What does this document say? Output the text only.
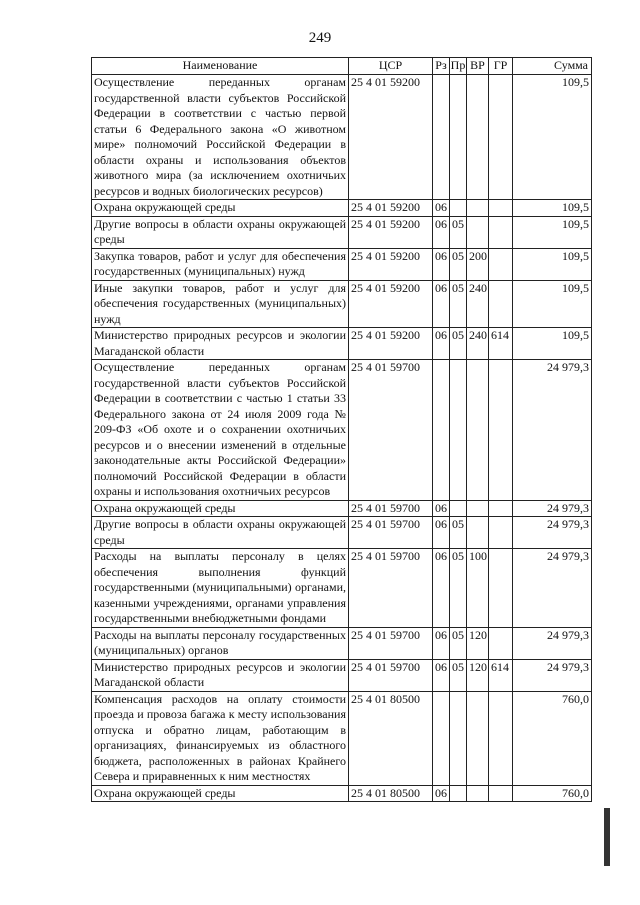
249
Наименование	ЦСР	Рз	Пр	ВР	ГР	Сумма
Осуществление переданных органам государственной власти субъектов Российской Федерации в соответствии с частью первой статьи 6 Федерального закона «О животном мире» полномочий Российской Федерации в области охраны и использования объектов животного мира (за исключением охотничьих ресурсов и водных биологических ресурсов)	25 4 01 59200					109,5
Охрана окружающей среды	25 4 01 59200	06				109,5
Другие вопросы в области охраны окружающей среды	25 4 01 59200	06	05			109,5
Закупка товаров, работ и услуг для обеспечения государственных (муниципальных) нужд	25 4 01 59200	06	05	200		109,5
Иные закупки товаров, работ и услуг для обеспечения государственных (муниципальных) нужд	25 4 01 59200	06	05	240		109,5
Министерство природных ресурсов и экологии Магаданской области	25 4 01 59200	06	05	240	614	109,5
Осуществление переданных органам государственной власти субъектов Российской Федерации в соответствии с частью 1 статьи 33 Федерального закона от 24 июля 2009 года № 209-ФЗ «Об охоте и о сохранении охотничьих ресурсов и о внесении изменений в отдельные законодательные акты Российской Федерации» полномочий Российской Федерации в области охраны и использования охотничьих ресурсов	25 4 01 59700					24 979,3
Охрана окружающей среды	25 4 01 59700	06				24 979,3
Другие вопросы в области охраны окружающей среды	25 4 01 59700	06	05			24 979,3
Расходы на выплаты персоналу в целях обеспечения выполнения функций государственными (муниципальными) органами, казенными учреждениями, органами управления государственными внебюджетными фондами	25 4 01 59700	06	05	100		24 979,3
Расходы на выплаты персоналу государственных (муниципальных) органов	25 4 01 59700	06	05	120		24 979,3
Министерство природных ресурсов и экологии Магаданской области	25 4 01 59700	06	05	120	614	24 979,3
Компенсация расходов на оплату стоимости проезда и провоза багажа к месту использования отпуска и обратно лицам, работающим в организациях, финансируемых из областного бюджета, расположенных в районах Крайнего Севера и приравненных к ним местностях	25 4 01 80500					760,0
Охрана окружающей среды	25 4 01 80500	06				760,0
